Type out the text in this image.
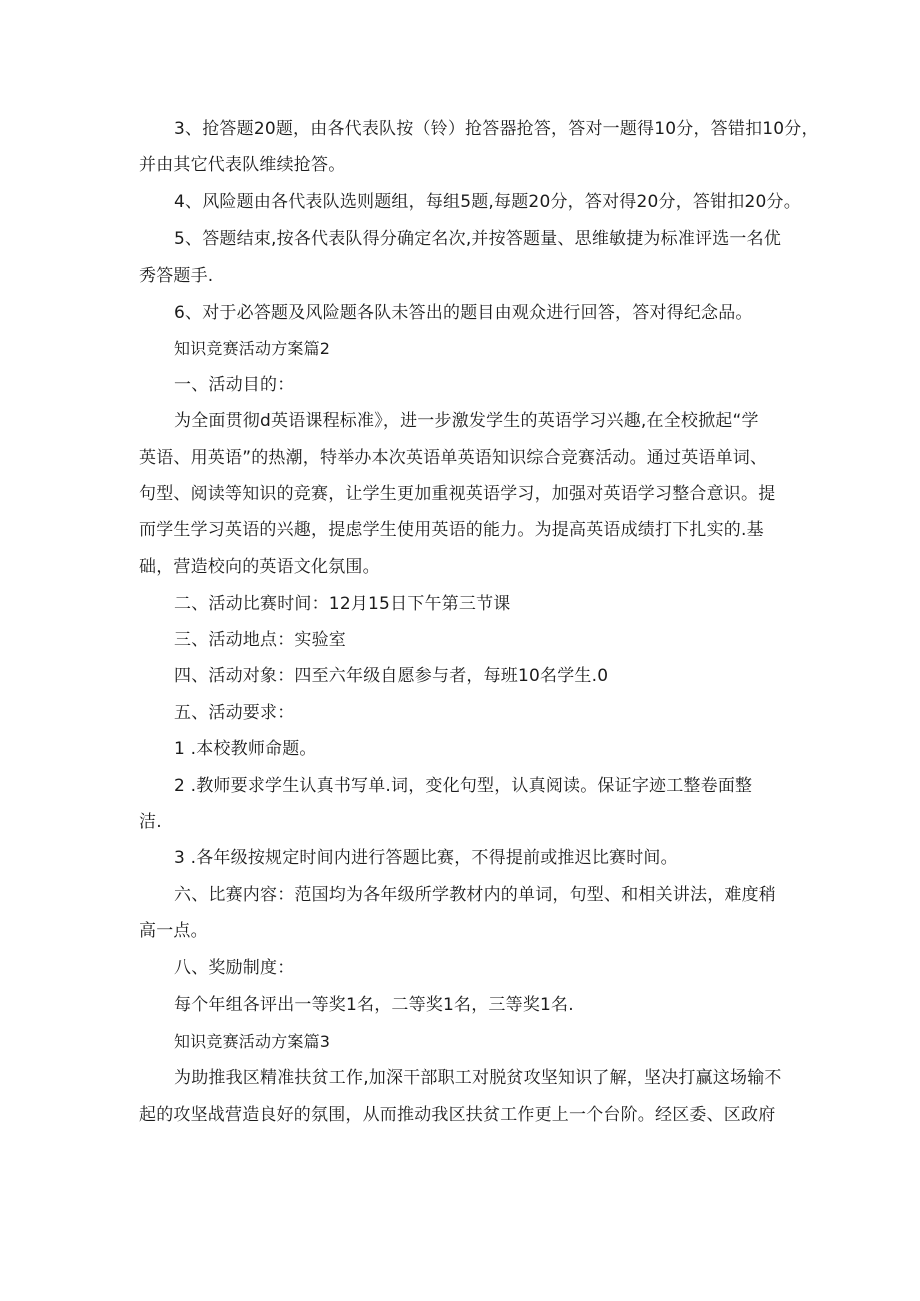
3、抢答题20题，由各代表队按（铃）抢答器抢答，答对一题得10分，答错扣10分，
并由其它代表队维续抢答。
4、风险题由各代表队选则题组，每组5题,每题20分，答对得20分，答钳扣20分。
5、答题结束,按各代表队得分确定名次,并按答题量、思维敏捷为标准评选一名优
秀答题手.
6、对于必答题及风险题各队未答出的题目由观众进行回答，答对得纪念品。
知识竞赛活动方案篇2
一、活动目的：
为全面贯彻d英语课程标准》，进一步激发学生的英语学习兴趣,在全校掀起“学
英语、用英语”的热潮，特举办本次英语单英语知识综合竞赛活动。通过英语单词、
句型、阅读等知识的竞赛，让学生更加重视英语学习，加强对英语学习整合意识。提
而学生学习英语的兴趣，提虑学生使用英语的能力。为提高英语成绩打下扎实的.基
础，营造校向的英语文化氛围。
二、活动比赛时间：12月15日下午第三节课
三、活动地点：实验室
四、活动对象：四至六年级自愿参与者，每班10名学生.0
五、活动要求：
1 .本校教师命题。
2 .教师要求学生认真书写单.词，变化句型，认真阅读。保证字迹工整卷面整
洁.
3 .各年级按规定时间内进行答题比赛，不得提前或推迟比赛时间。
六、比赛内容：范国均为各年级所学教材内的单词，句型、和相关讲法，难度稍
高一点。
八、奖励制度：
每个年组各评出一等奖1名，二等奖1名，三等奖1名.
知识竞赛活动方案篇3
为助推我区精准扶贫工作,加深干部职工对脱贫攻坚知识了解，坚决打赢这场输不
起的攻坚战营造良好的氛围，从而推动我区扶贫工作更上一个台阶。经区委、区政府
